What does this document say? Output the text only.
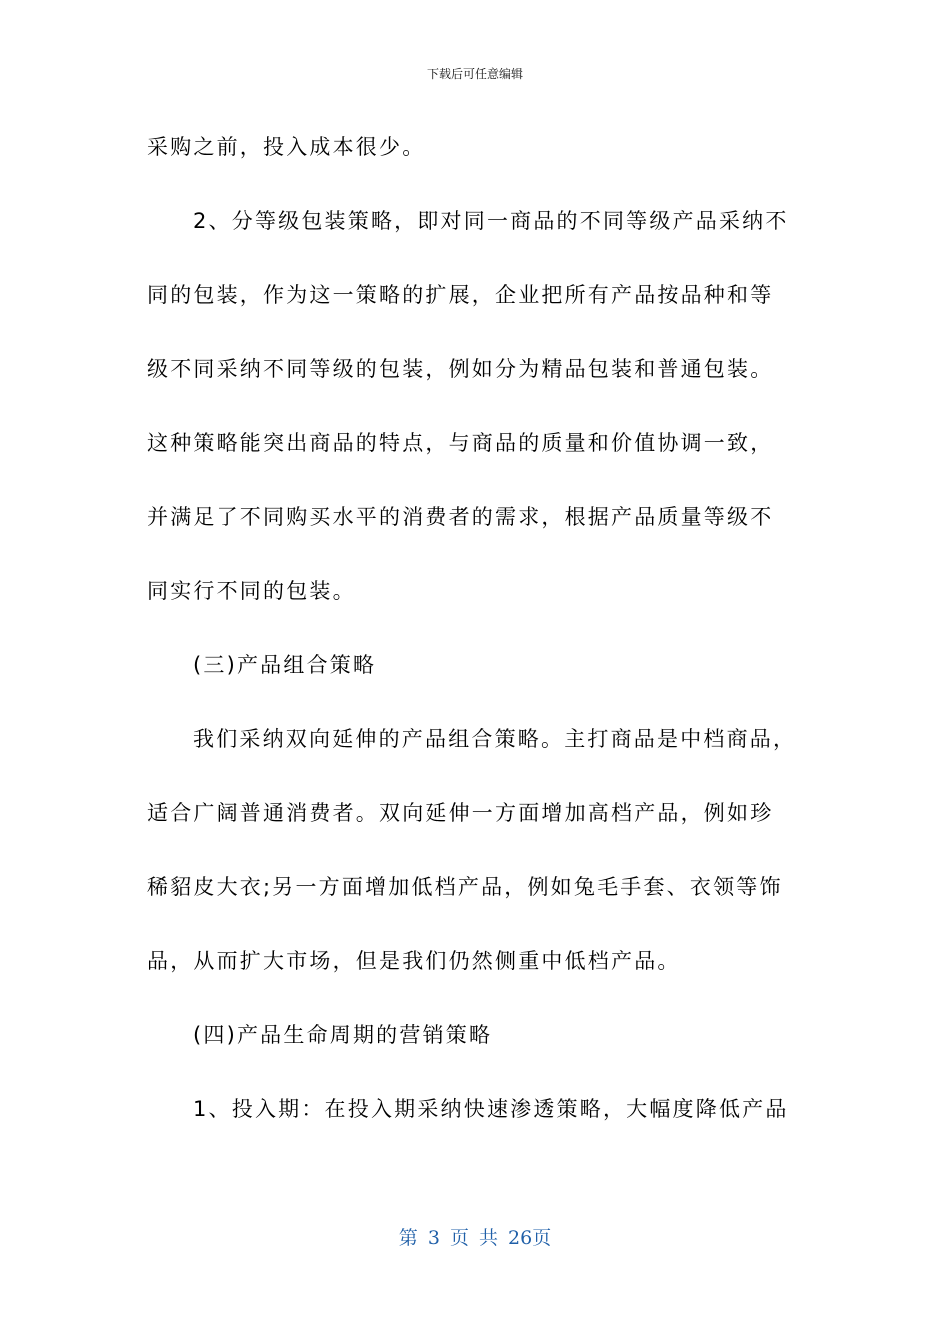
下载后可任意编辑
采购之前，投入成本很少。
2、分等级包装策略，即对同一商品的不同等级产品采纳不
同的包装，作为这一策略的扩展，企业把所有产品按品种和等
级不同采纳不同等级的包装，例如分为精品包装和普通包装。
这种策略能突出商品的特点，与商品的质量和价值协调一致，
并满足了不同购买水平的消费者的需求，根据产品质量等级不
同实行不同的包装。
(三)产品组合策略
我们采纳双向延伸的产品组合策略。主打商品是中档商品，
适合广阔普通消费者。双向延伸一方面增加高档产品，例如珍
稀貂皮大衣;另一方面增加低档产品，例如兔毛手套、衣领等饰
品，从而扩大市场，但是我们仍然侧重中低档产品。
(四)产品生命周期的营销策略
1、投入期：在投入期采纳快速渗透策略，大幅度降低产品
第 3 页 共 26页
